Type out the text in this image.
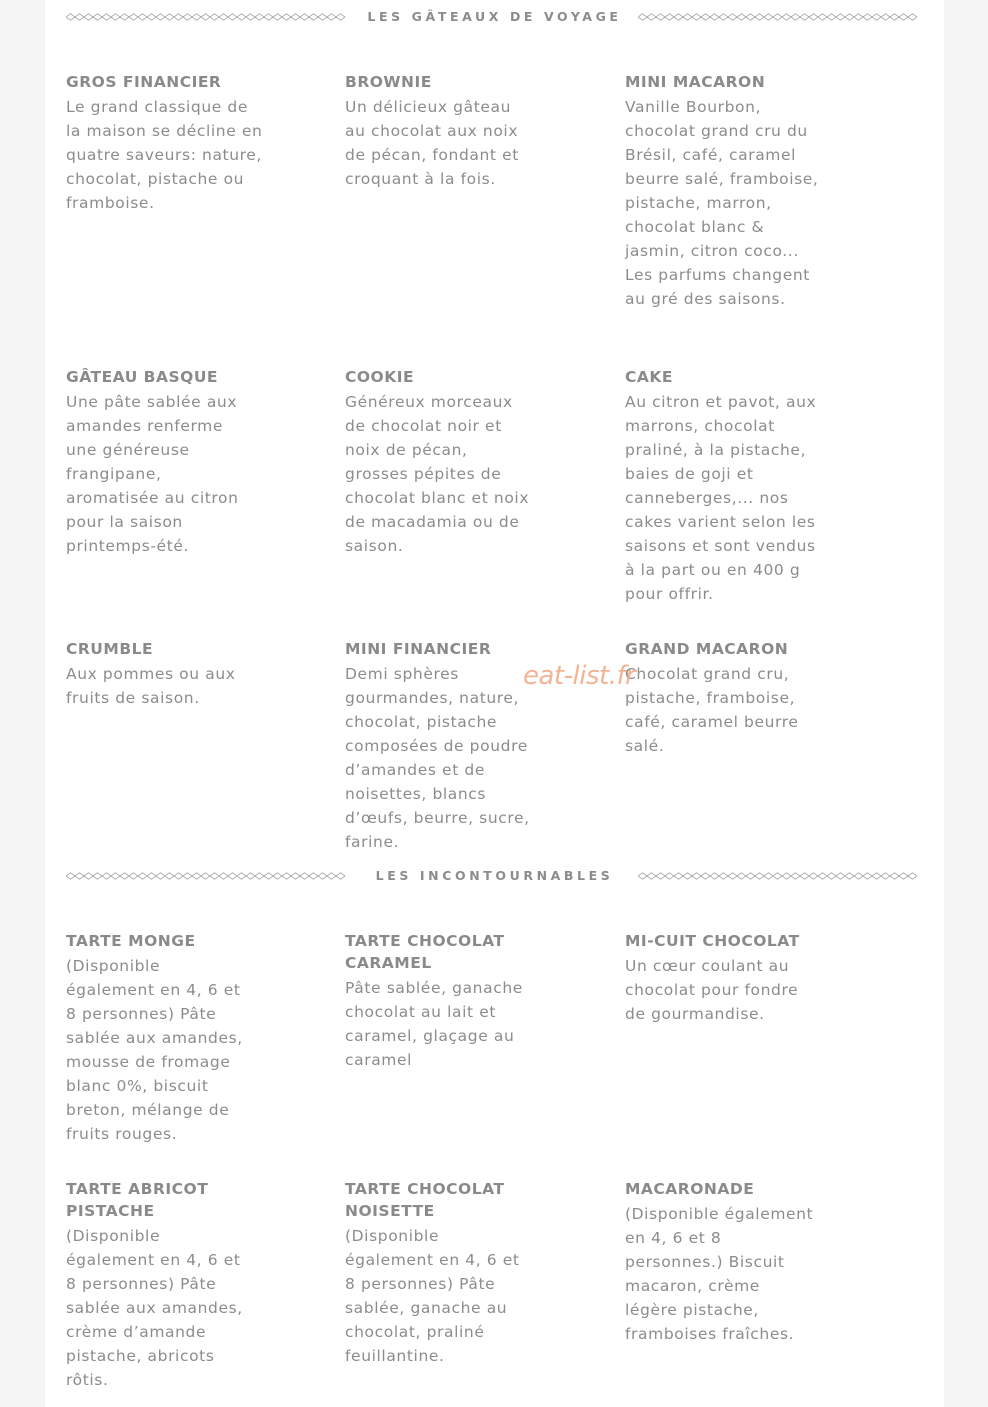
LES GÂTEAUX DE VOYAGE
GROS FINANCIER
Le grand classique de la maison se décline en quatre saveurs: nature, chocolat, pistache ou framboise.
BROWNIE
Un délicieux gâteau au chocolat aux noix de pécan, fondant et croquant à la fois.
MINI MACARON
Vanille Bourbon, chocolat grand cru du Brésil, café, caramel beurre salé, framboise, pistache, marron, chocolat blanc & jasmin, citron coco... Les parfums changent au gré des saisons.
GÂTEAU BASQUE
Une pâte sablée aux amandes renferme une généreuse frangipane, aromatisée au citron pour la saison printemps-été.
COOKIE
Généreux morceaux de chocolat noir et noix de pécan, grosses pépites de chocolat blanc et noix de macadamia ou de saison.
CAKE
Au citron et pavot, aux marrons, chocolat praliné, à la pistache, baies de goji et canneberges,... nos cakes varient selon les saisons et sont vendus à la part ou en 400 g pour offrir.
CRUMBLE
Aux pommes ou aux fruits de saison.
MINI FINANCIER
Demi sphères gourmandes, nature, chocolat, pistache composées de poudre d’amandes et de noisettes, blancs d’œufs, beurre, sucre, farine.
GRAND MACARON
Chocolat grand cru, pistache, framboise, café, caramel beurre salé.
LES INCONTOURNABLES
TARTE MONGE
(Disponible également en 4, 6 et 8 personnes) Pâte sablée aux amandes, mousse de fromage blanc 0%, biscuit breton, mélange de fruits rouges.
TARTE CHOCOLAT CARAMEL
Pâte sablée, ganache chocolat au lait et caramel, glaçage au caramel
MI-CUIT CHOCOLAT
Un cœur coulant au chocolat pour fondre de gourmandise.
TARTE ABRICOT PISTACHE
(Disponible également en 4, 6 et 8 personnes) Pâte sablée aux amandes, crème d’amande pistache, abricots rôtis.
TARTE CHOCOLAT NOISETTE
(Disponible également en 4, 6 et 8 personnes) Pâte sablée, ganache au chocolat, praliné feuillantine.
MACARONADE
(Disponible également en 4, 6 et 8 personnes.) Biscuit macaron, crème légère pistache, framboises fraîches.
eat-list.fr
